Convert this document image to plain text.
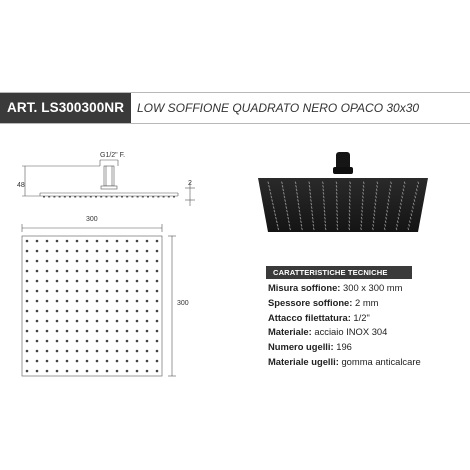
ART. LS300300NR	LOW SOFFIONE QUADRATO NERO OPACO 30x30
G1/2" F.
48	2
300
300
CARATTERISTICHE TECNICHE
Misura soffione: 300 x 300 mm
Spessore soffione: 2 mm
Attacco filettatura: 1/2"
Materiale: acciaio INOX 304
Numero ugelli: 196
Materiale ugelli: gomma anticalcare
